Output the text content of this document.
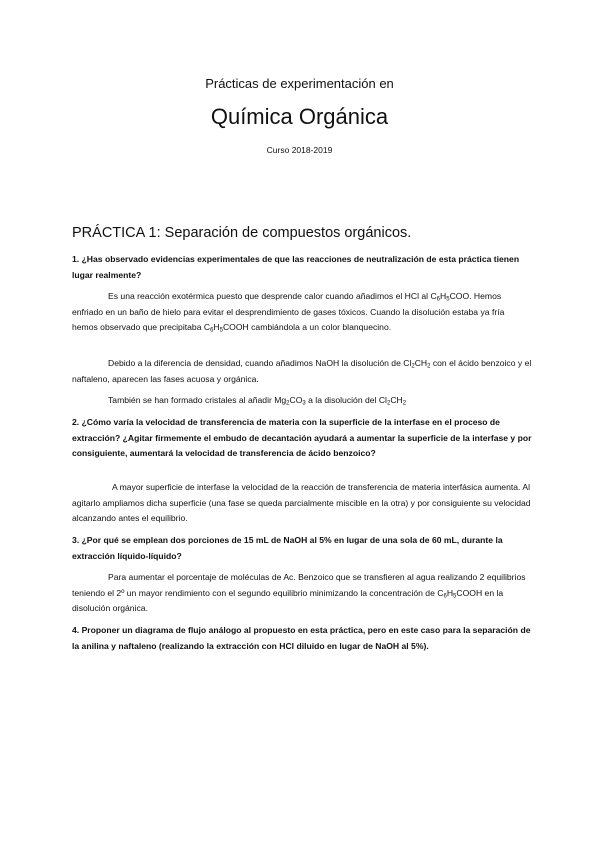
Prácticas de experimentación en
Química Orgánica
Curso 2018-2019
PRÁCTICA 1: Separación de compuestos orgánicos.
1. ¿Has observado evidencias experimentales de que las reacciones de neutralización de esta práctica tienen lugar realmente?

Es una reacción exotérmica puesto que desprende calor cuando añadimos el HCl al $C_6H_5COO$. Hemos enfriado en un baño de hielo para evitar el desprendimiento de gases tóxicos. Cuando la disolución estaba ya fría hemos observado que precipitaba $C_6H_5COOH$ cambiándola a un color blanquecino.

Debido a la diferencia de densidad, cuando añadimos NaOH la disolución de $Cl_2CH_2$ con el ácido benzoico y el naftaleno, aparecen las fases acuosa y orgánica.

También se han formado cristales al añadir $Mg_2CO_3$ a la disolución del $Cl_2CH_2$

2. ¿Cómo varía la velocidad de transferencia de materia con la superficie de la interfase en el proceso de extracción? ¿Agitar firmemente el embudo de decantación ayudará a aumentar la superficie de la interfase y por consiguiente, aumentará la velocidad de transferencia de ácido benzoico?

A mayor superficie de interfase la velocidad de la reacción de transferencia de materia interfásica aumenta. Al agitarlo ampliamos dicha superficie (una fase se queda parcialmente miscible en la otra) y por consiguiente su velocidad alcanzando antes el equilibrio.

3. ¿Por qué se emplean dos porciones de 15 mL de NaOH al 5% en lugar de una sola de 60 mL, durante la extracción líquido-líquido?

Para aumentar el porcentaje de moléculas de Ac. Benzoico que se transfieren al agua realizando 2 equilibrios teniendo el 2º un mayor rendimiento con el segundo equilibrio minimizando la concentración de $C_6H_5COOH$ en la disolución orgánica.

4. Proponer un diagrama de flujo análogo al propuesto en esta práctica, pero en este caso para la separación de la anilina y naftaleno (realizando la extracción con HCl diluido en lugar de NaOH al 5%).
